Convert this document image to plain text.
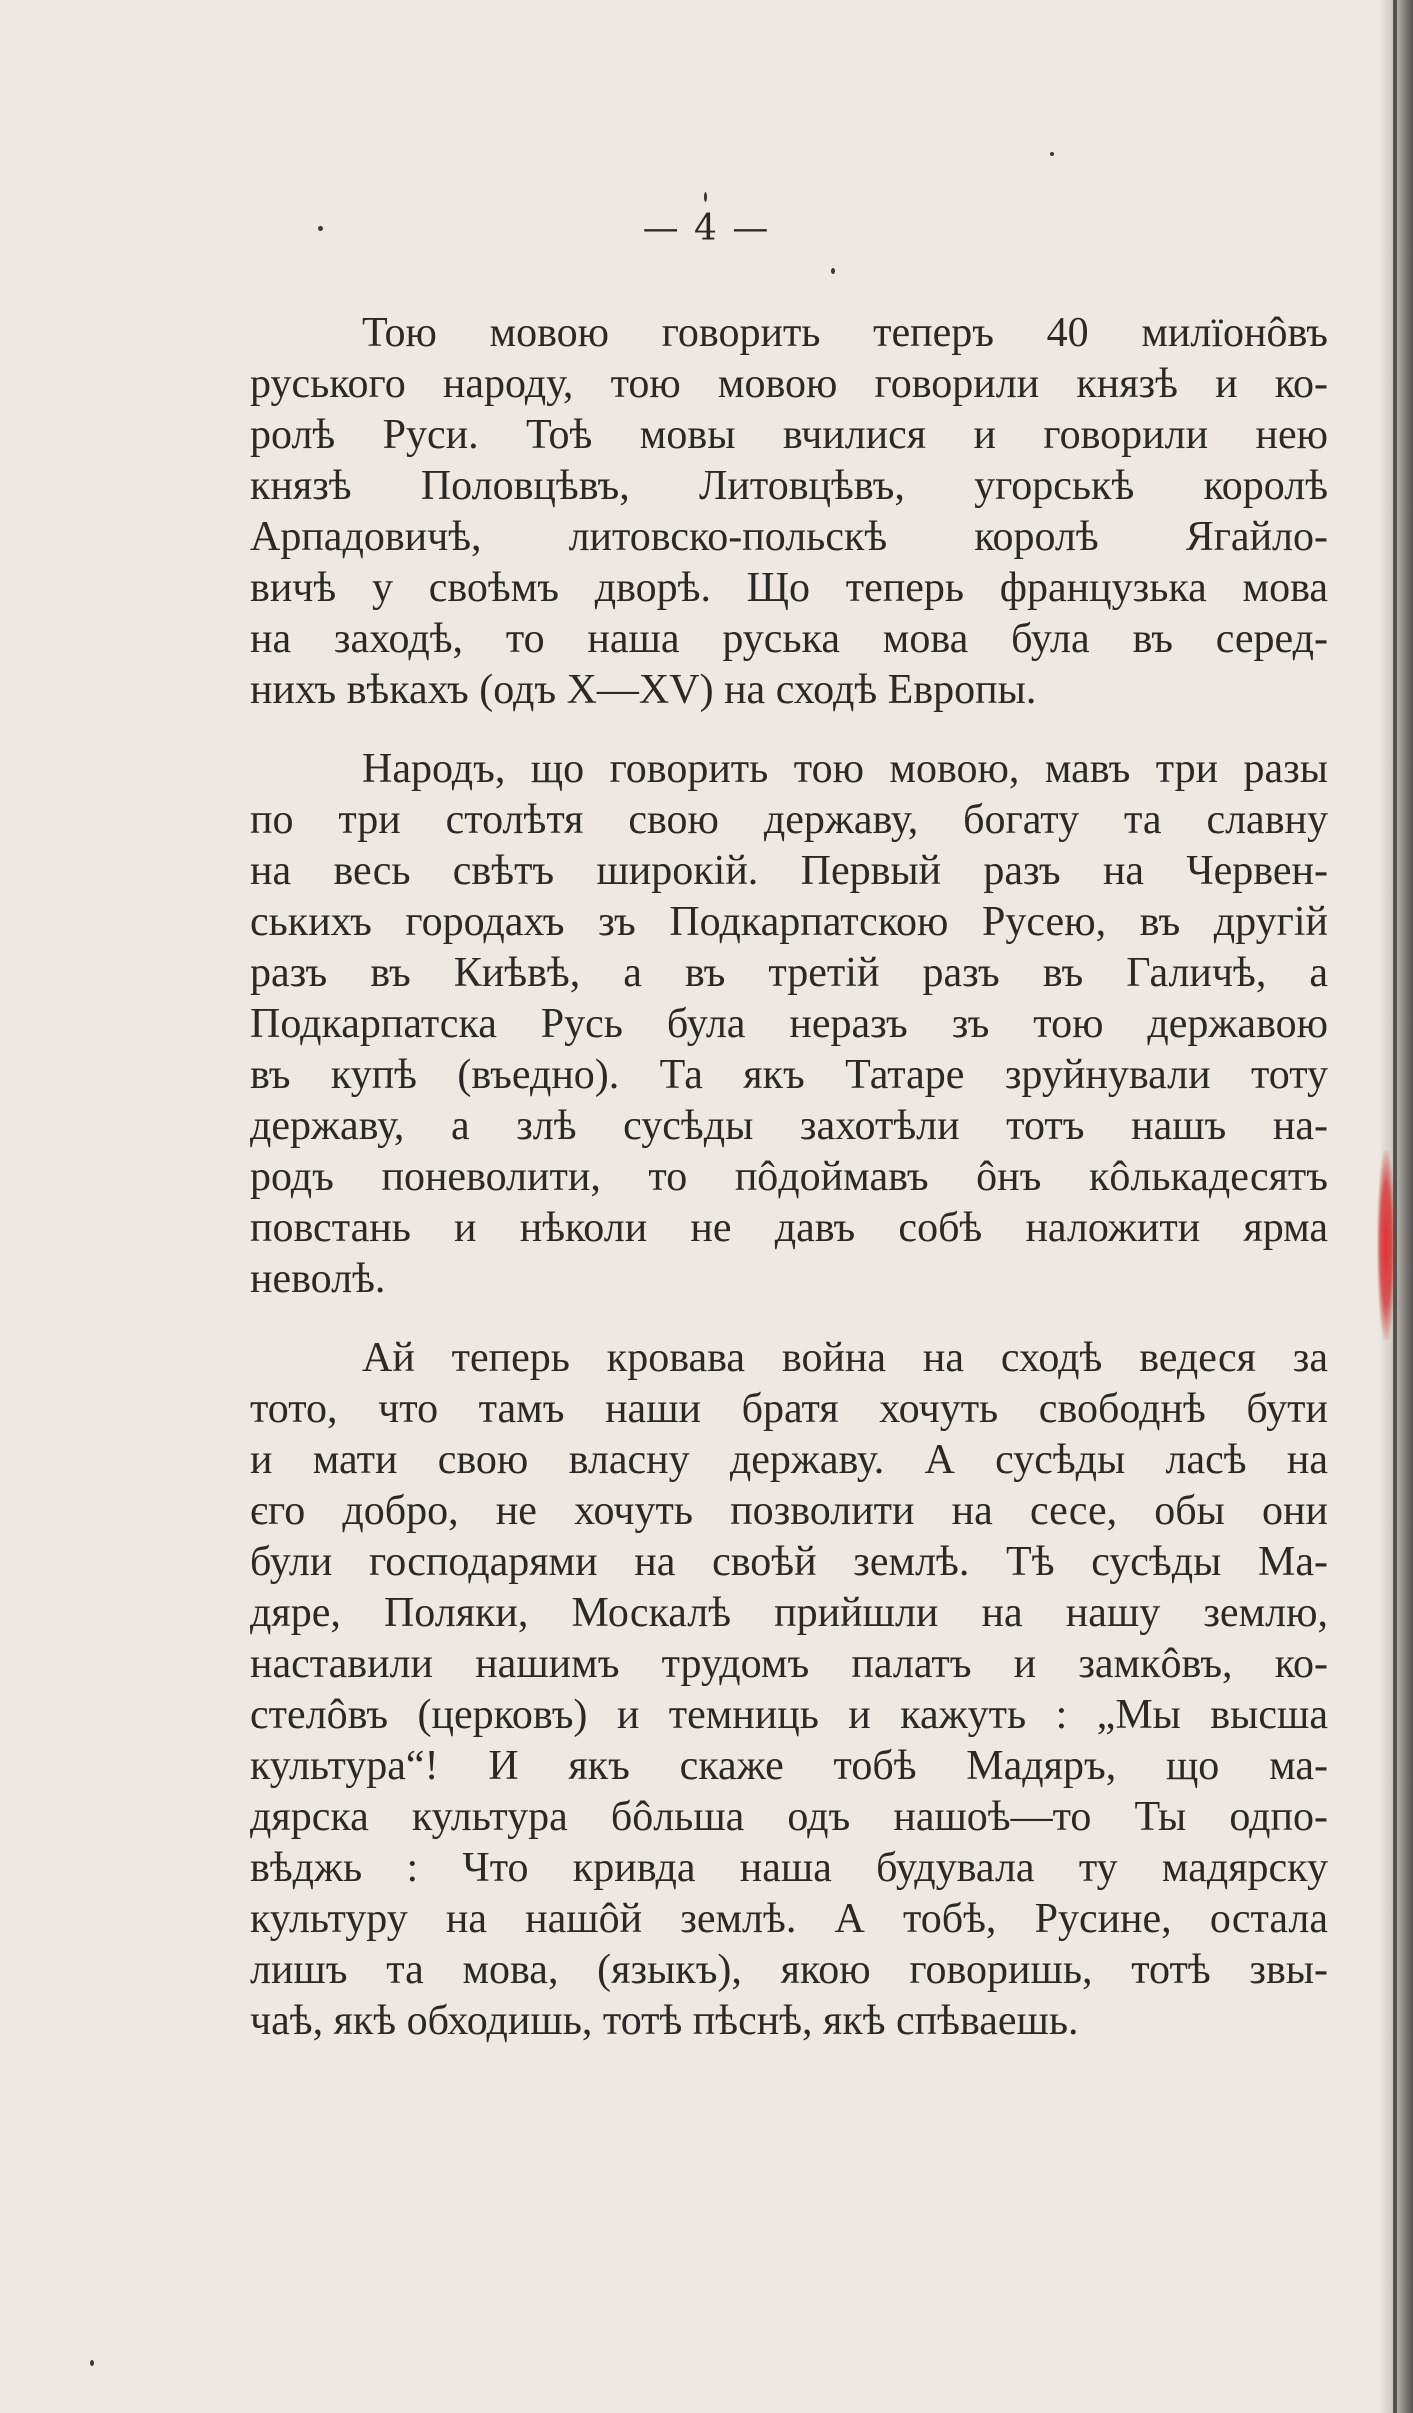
— 4 —
Тою мовою говорить теперъ 40 милїонôвъ
руського народу, тою мовою говорили князѣ и ко-
ролѣ Руси. Тоѣ мовы вчилися и говорили нею
князѣ Половцѣвъ, Литовцѣвъ, угорськѣ королѣ
Арпадовичѣ, литовско-польскѣ королѣ Ягайло-
вичѣ у своѣмъ дворѣ. Що теперь французька мова
на заходѣ, то наша руська мова була въ серед-
нихъ вѣкахъ (одъ X—XV) на сходѣ Европы.
Народъ, що говорить тою мовою, мавъ три разы
по три столѣтя свою державу, богату та славну
на весь свѣтъ широкій. Первый разъ на Червен-
ськихъ городахъ зъ Подкарпатскою Русею, въ другій
разъ въ Киѣвѣ, а въ третій разъ въ Галичѣ, а
Подкарпатска Русь була неразъ зъ тою державою
въ купѣ (въедно). Та якъ Татаре зруйнували тоту
державу, а злѣ сусѣды захотѣли тотъ нашъ на-
родъ поневолити, то пôдоймавъ ôнъ кôлькадесятъ
повстань и нѣколи не давъ собѣ наложити ярма
неволѣ.
Ай теперь кровава война на сходѣ ведеся за
тото, что тамъ наши братя хочуть свободнѣ бути
и мати свою власну державу. А сусѣды ласѣ на
єго добро, не хочуть позволити на сесе, обы они
були господарями на своѣй землѣ. Тѣ сусѣды Ма-
дяре, Поляки, Москалѣ прийшли на нашу землю,
наставили нашимъ трудомъ палатъ и замкôвъ, ко-
стелôвъ (церковъ) и темниць и кажуть : „Мы высша
культура“! И якъ скаже тобѣ Мадяръ, що ма-
дярска культура бôльша одъ нашоѣ—то Ты одпо-
вѣджь : Что кривда наша будувала ту мадярску
культуру на нашôй землѣ. А тобѣ, Русине, остала
лишъ та мова, (языкъ), якою говоришь, тотѣ звы-
чаѣ, якѣ обходишь, тотѣ пѣснѣ, якѣ спѣваешь.
